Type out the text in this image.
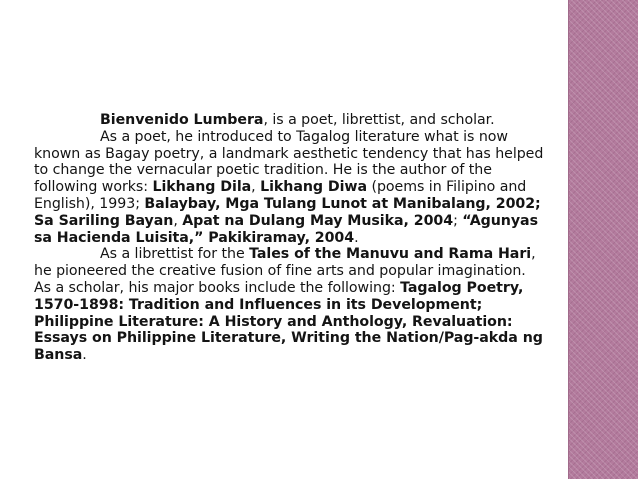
Bienvenido Lumbera, is a poet, librettist, and scholar.

As a poet, he introduced to Tagalog literature what is now known as Bagay poetry, a landmark aesthetic tendency that has helped to change the vernacular poetic tradition. He is the author of the following works: Likhang Dila, Likhang Diwa (poems in Filipino and English), 1993; Balaybay, Mga Tulang Lunot at Manibalang, 2002; Sa Sariling Bayan, Apat na Dulang May Musika, 2004; “Agunyas sa Hacienda Luisita,” Pakikiramay, 2004.

As a librettist for the Tales of the Manuvu and Rama Hari, he pioneered the creative fusion of fine arts and popular imagination. As a scholar, his major books include the following: Tagalog Poetry, 1570-1898: Tradition and Influences in its Development; Philippine Literature: A History and Anthology, Revaluation: Essays on Philippine Literature, Writing the Nation/Pag-akda ng Bansa.
